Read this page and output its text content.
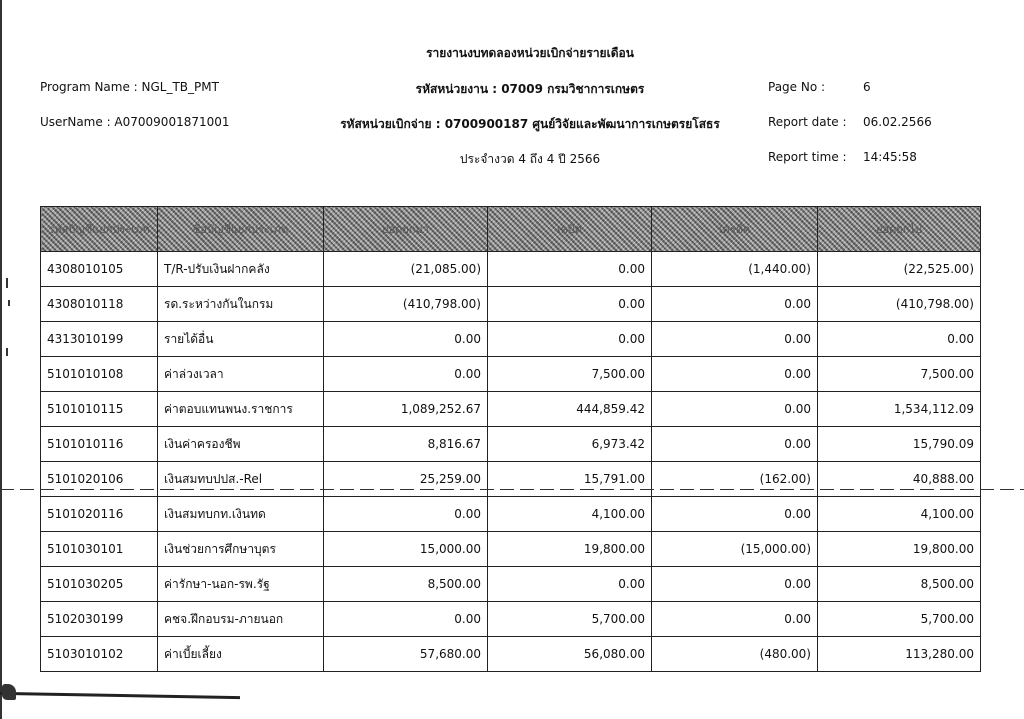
รายงานงบทดลองหน่วยเบิกจ่ายรายเดือน
Program Name : NGL_TB_PMT	รหัสหน่วยงาน : 07009 กรมวิชาการเกษตร	Page No :	6
UserName : A07009001871001	รหัสหน่วยเบิกจ่าย : 0700900187 ศูนย์วิจัยและพัฒนาการเกษตรยโสธร	Report date : 06.02.2566
ประจำงวด 4 ถึง 4 ปี 2566	Report time : 14:45:58
รหัสบัญชีแยกประเภท	ชื่อบัญชีแยกประเภท	ยอดยกมา	เดบิต	เครดิต	ยอดยกไป
4308010105	T/R-ปรับเงินฝากคลัง	(21,085.00)	0.00	(1,440.00)	(22,525.00)
4308010118	รด.ระหว่างกันในกรม	(410,798.00)	0.00	0.00	(410,798.00)
4313010199	รายได้อื่น	0.00	0.00	0.00	0.00
5101010108	ค่าล่วงเวลา	0.00	7,500.00	0.00	7,500.00
5101010115	ค่าตอบแทนพนง.ราชการ	1,089,252.67	444,859.42	0.00	1,534,112.09
5101010116	เงินค่าครองชีพ	8,816.67	6,973.42	0.00	15,790.09
5101020106	เงินสมทบปปส.-Rel	25,259.00	15,791.00	(162.00)	40,888.00
5101020116	เงินสมทบกท.เงินทด	0.00	4,100.00	0.00	4,100.00
5101030101	เงินช่วยการศึกษาบุตร	15,000.00	19,800.00	(15,000.00)	19,800.00
5101030205	ค่ารักษา-นอก-รพ.รัฐ	8,500.00	0.00	0.00	8,500.00
5102030199	คชจ.ฝึกอบรม-ภายนอก	0.00	5,700.00	0.00	5,700.00
5103010102	ค่าเบี้ยเลี้ยง	57,680.00	56,080.00	(480.00)	113,280.00
